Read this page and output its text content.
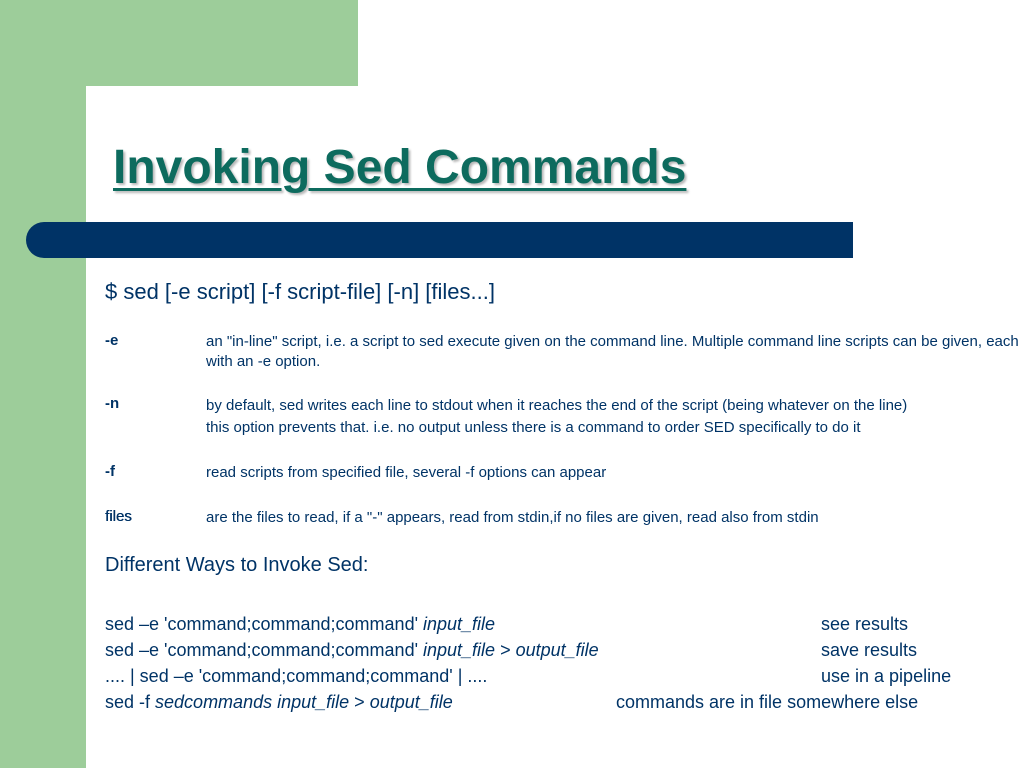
Invoking Sed Commands
$ sed [-e script] [-f script-file] [-n] [files...]
-e	an "in-line" script, i.e. a script to sed execute given on the command line. Multiple command line scripts can be given, each with an -e option.
-n	by default, sed writes each line to stdout when it reaches the end of the script (being whatever on the line)
this option prevents that. i.e. no output unless there is a command to order SED specifically to do it
-f	read scripts from specified file, several -f options can appear
files	are the files to read, if a "-" appears, read from stdin,if no files are given, read also from stdin
Different Ways to Invoke Sed:
sed –e 'command;command;command' input_file	see results
sed –e 'command;command;command' input_file > output_file	save results
.... | sed –e 'command;command;command' | ....	use in a pipeline
sed -f sedcommands input_file > output_file	commands are in file somewhere else
